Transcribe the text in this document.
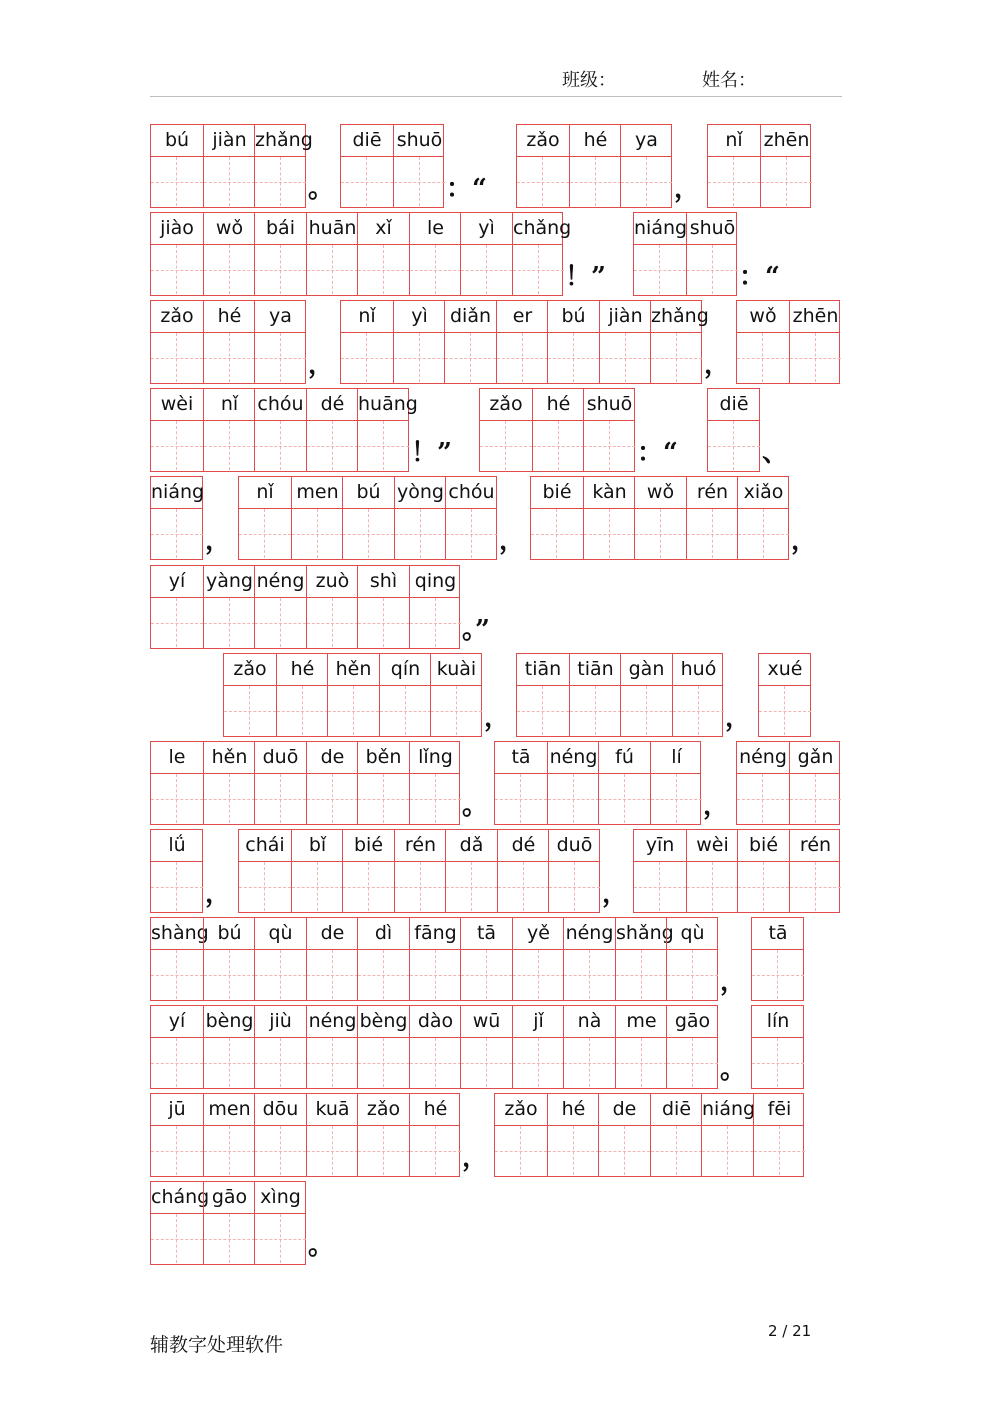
班级：	姓名：
bú	jiàn zhǎng
。
diē shuō
：“
zǎo	hé	ya
，
nǐ	zhēn
jiào	wǒ	bái huān xǐ	le	yì chǎng
！”
niáng shuō
：“
zǎo	hé	ya
，
nǐ	yì	diǎn	er	bú	jiàn zhǎng
，
wǒ zhēn
wèi	nǐ	chóu dé huāng
！”
zǎo	hé shuō
：“
diē
、
niáng
，
nǐ	men bú yòng chóu
，
bié	kàn	wǒ	rén xiǎo
，
yí	yàng néng zuò	shì qing
。”
zǎo	hé	hěn	qín kuài
，
tiān tiān gàn huó
，
xué
le	hěn duō	de	běn lǐng
。
tā	néng fú	lí
，
néng gǎn
lǘ
，
chái	bǐ	bié	rén	dǎ	dé	duō
，
yīn	wèi	bié	rén
shàng bú	qù	de	dì	fāng	tā	yě néng shǎng qù
，
tā
yí	bèng jiù néng bèng dào	wū	jǐ	nà	me gāo
。
lín
jū	men dōu kuā zǎo	hé
，
zǎo	hé	de	diē niáng fēi
cháng gāo xìng
。
辅教字处理软件
2 / 21
